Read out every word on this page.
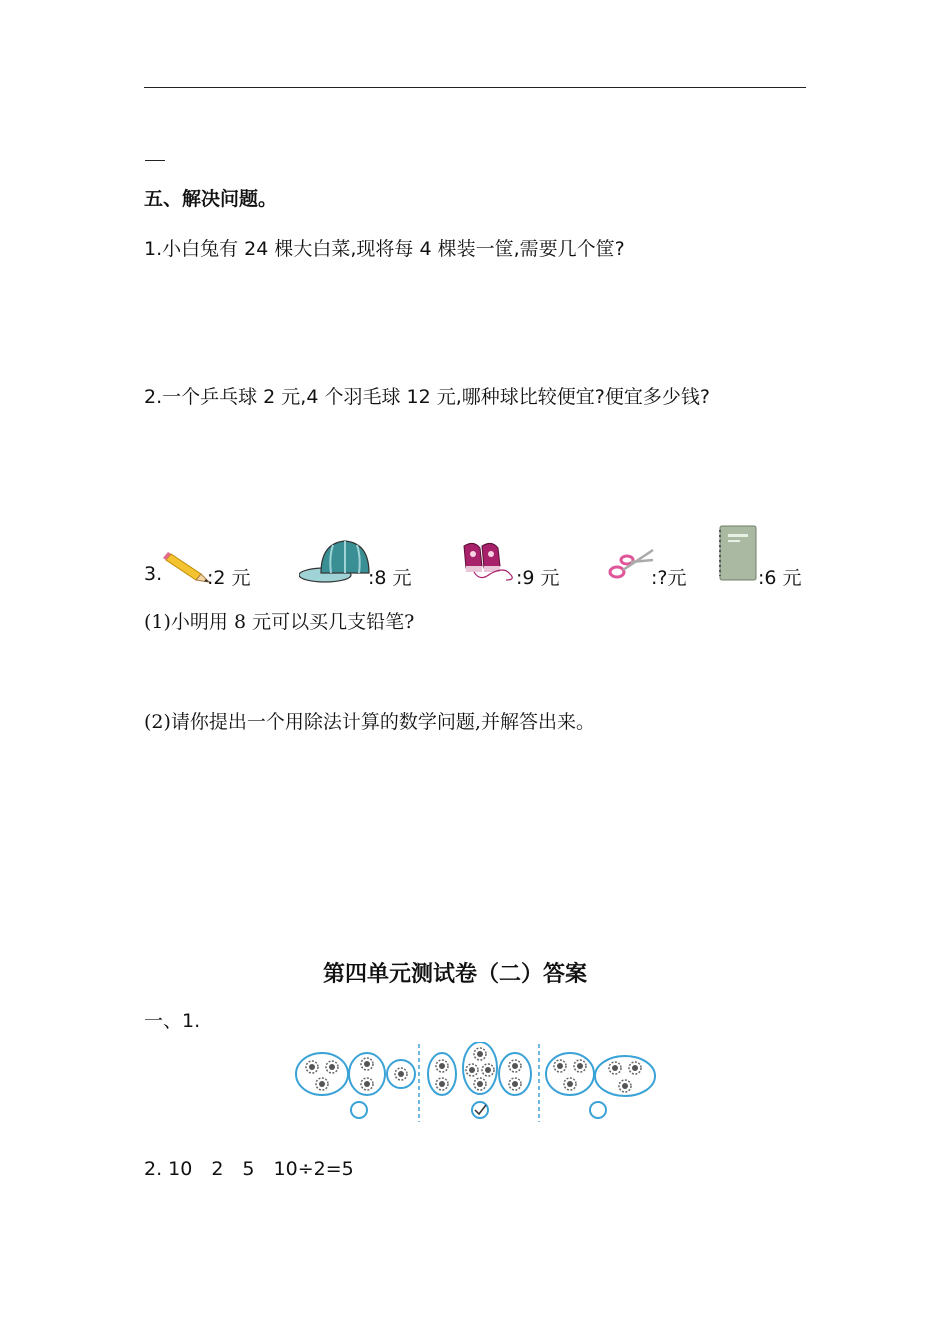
五、解决问题。
1.小白兔有 24 棵大白菜,现将每 4 棵装一筐,需要几个筐?
2.一个乒乓球 2 元,4 个羽毛球 12 元,哪种球比较便宜?便宜多少钱?
3. :2 元	:8 元	:9 元	:?元	:6 元
(1)小明用 8 元可以买几支铅笔?
(2)请你提出一个用除法计算的数学问题,并解答出来。
第四单元测试卷（二）答案
一、1.
2. 10　2　5　10÷2=5
